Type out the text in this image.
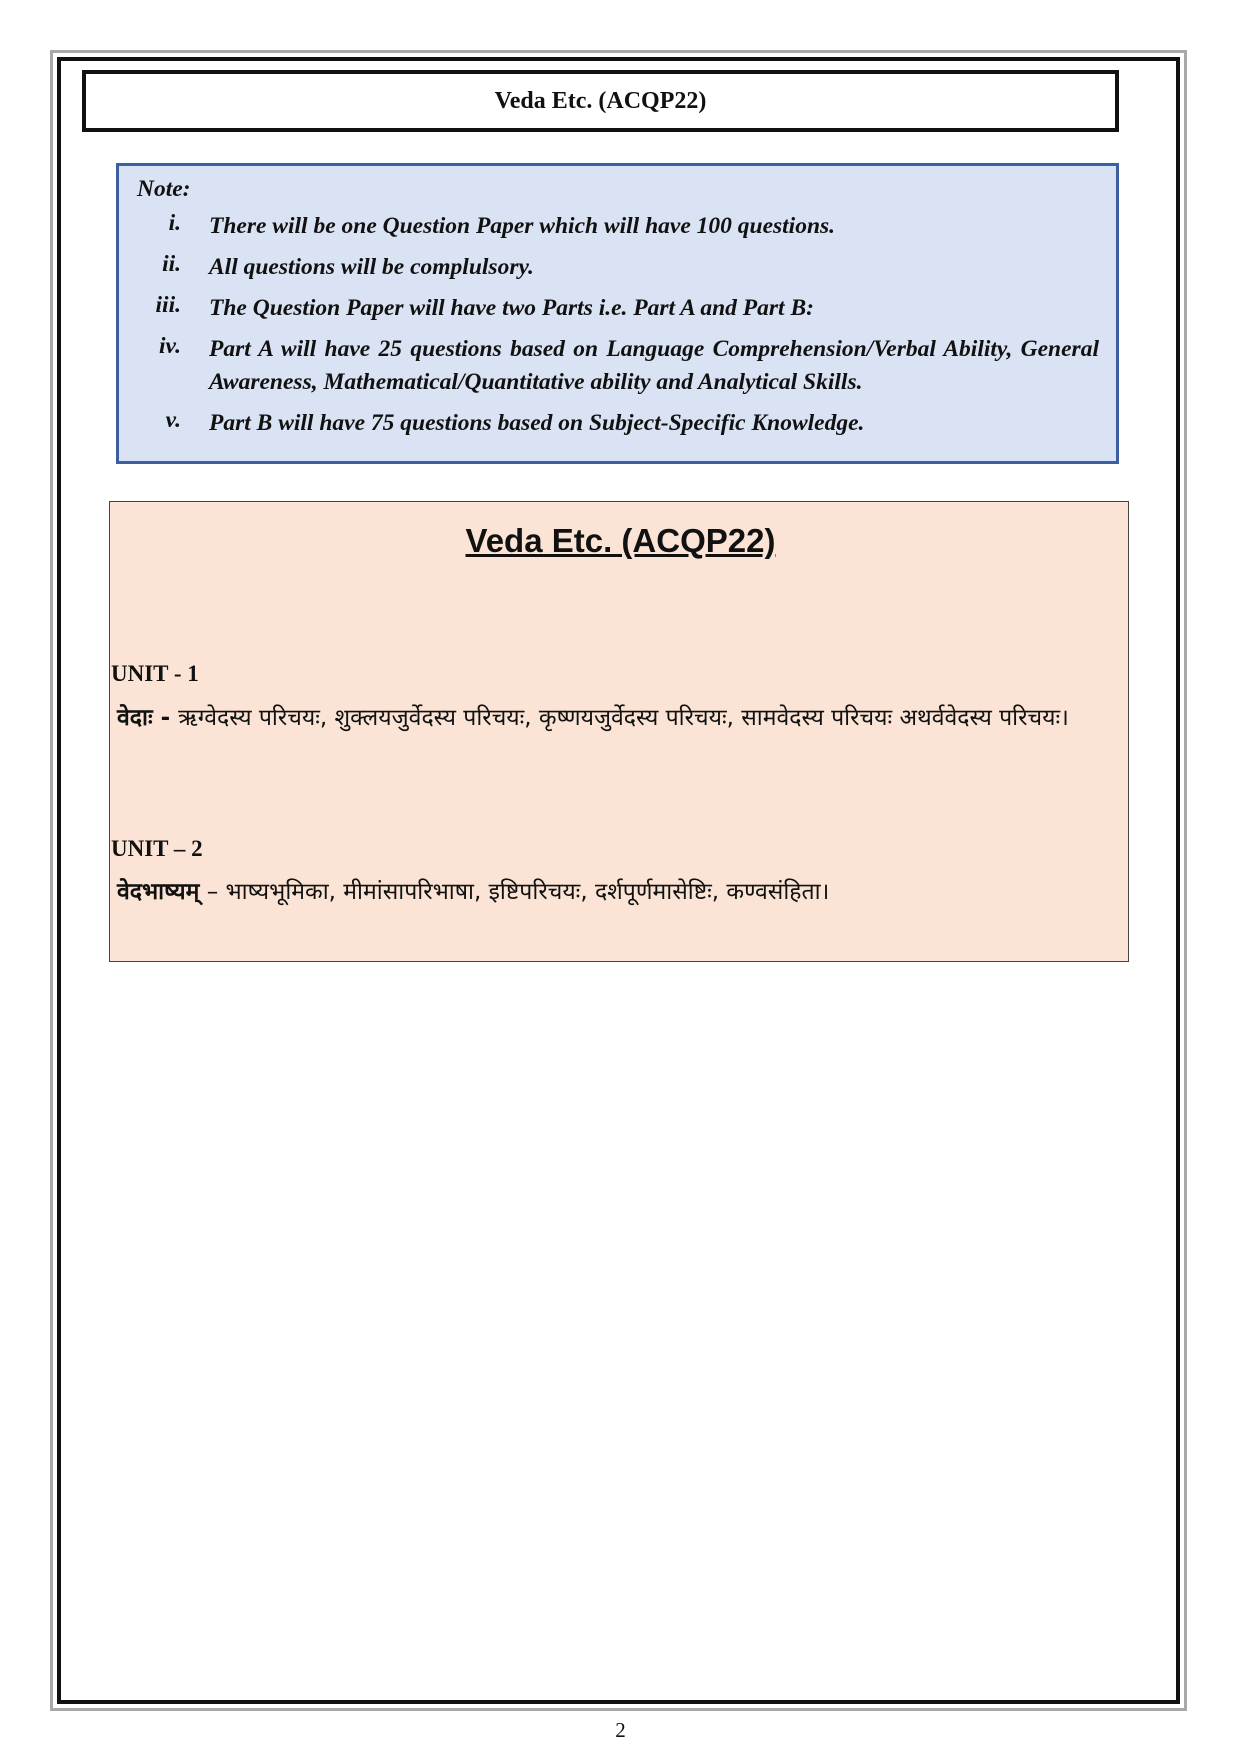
Veda Etc. (ACQP22)
Note:
i. There will be one Question Paper which will have 100 questions.
ii. All questions will be complulsory.
iii. The Question Paper will have two Parts i.e. Part A and Part B:
iv. Part A will have 25 questions based on Language Comprehension/Verbal Ability, General Awareness, Mathematical/Quantitative ability and Analytical Skills.
v. Part B will have 75 questions based on Subject-Specific Knowledge.
Veda Etc. (ACQP22)
UNIT - 1
वेदाः - ऋग्वेदस्य परिचयः, शुक्लयजुर्वेदस्य परिचयः, कृष्णयजुर्वेदस्य परिचयः, सामवेदस्य परिचयः अथर्ववेदस्य परिचयः।
UNIT – 2
वेदभाष्यम् – भाष्यभूमिका, मीमांसापरिभाषा, इष्टिपरिचयः, दर्शपूर्णमासेष्टिः, कण्वसंहिता।
2
